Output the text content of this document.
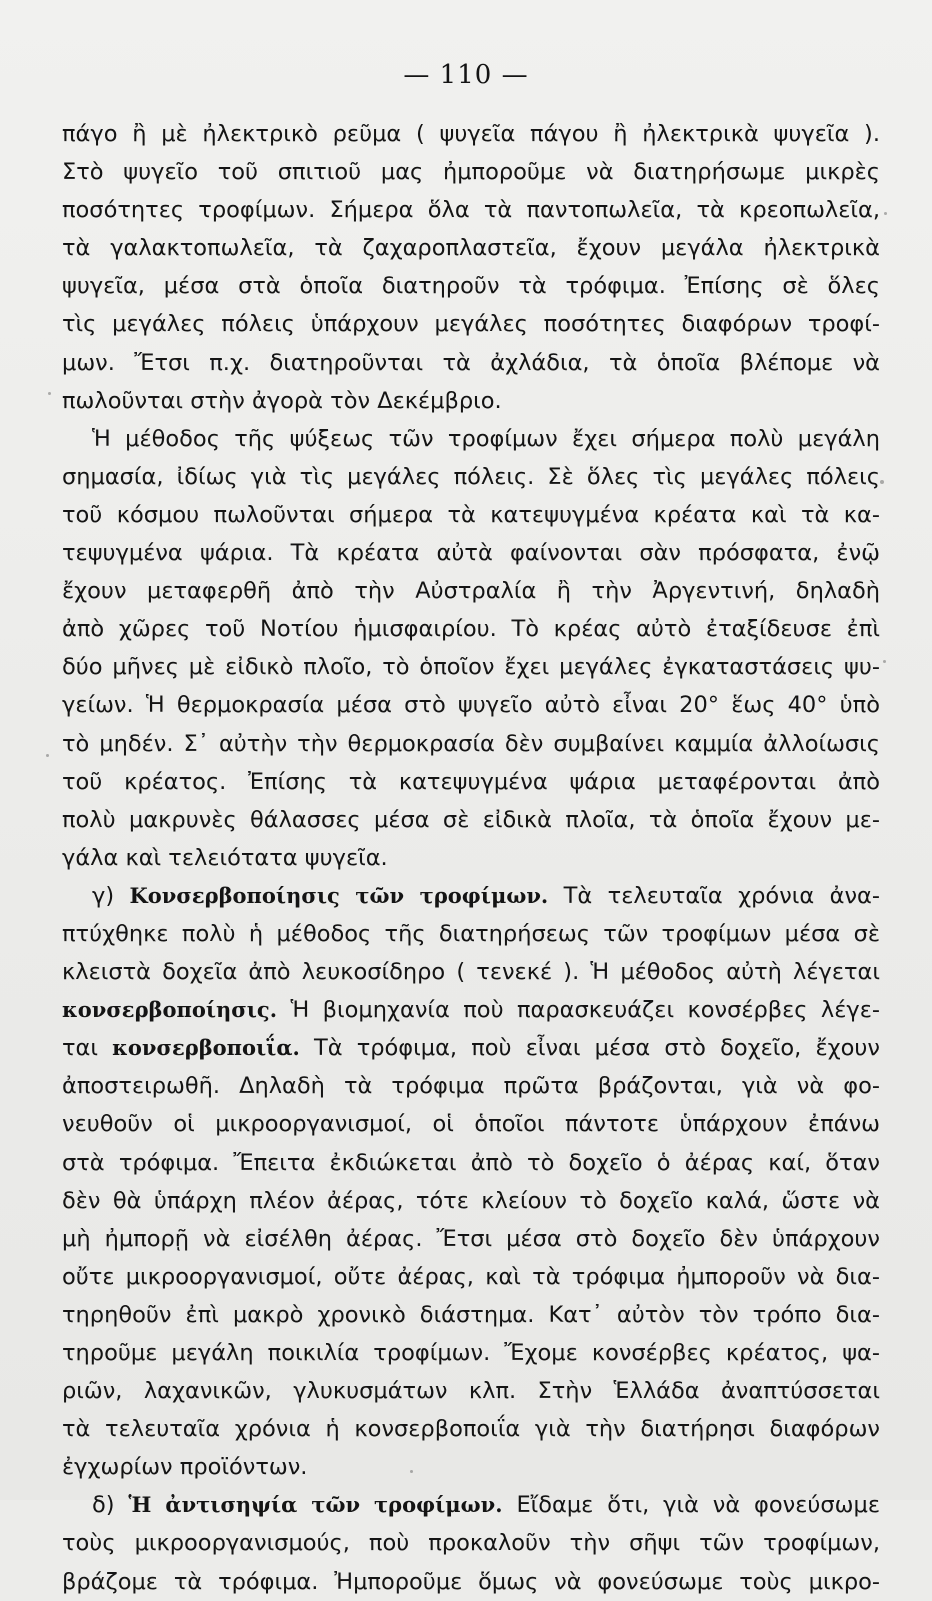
— 110 —
πάγο ἢ μὲ ἠλεκτρικὸ ρεῦμα ( ψυγεῖα πάγου ἢ ἠλεκτρικὰ ψυγεῖα ).
Στὸ ψυγεῖο τοῦ σπιτιοῦ μας ἠμποροῦμε νὰ διατηρήσωμε μικρὲς
ποσότητες τροφίμων. Σήμερα ὅλα τὰ παντοπωλεῖα, τὰ κρεοπωλεῖα,
τὰ γαλακτοπωλεῖα, τὰ ζαχαροπλαστεῖα, ἔχουν μεγάλα ἠλεκτρικὰ
ψυγεῖα, μέσα στὰ ὁποῖα διατηροῦν τὰ τρόφιμα. Ἐπίσης σὲ ὅλες
τὶς μεγάλες πόλεις ὑπάρχουν μεγάλες ποσότητες διαφόρων τροφί-
μων. Ἔτσι π.χ. διατηροῦνται τὰ ἀχλάδια, τὰ ὁποῖα βλέπομε νὰ
πωλοῦνται στὴν ἀγορὰ τὸν Δεκέμβριο.
Ἡ μέθοδος τῆς ψύξεως τῶν τροφίμων ἔχει σήμερα πολὺ μεγάλη
σημασία, ἰδίως γιὰ τὶς μεγάλες πόλεις. Σὲ ὅλες τὶς μεγάλες πόλεις
τοῦ κόσμου πωλοῦνται σήμερα τὰ κατεψυγμένα κρέατα καὶ τὰ κα-
τεψυγμένα ψάρια. Τὰ κρέατα αὐτὰ φαίνονται σὰν πρόσφατα, ἐνῷ
ἔχουν μεταφερθῆ ἀπὸ τὴν Αὐστραλία ἢ τὴν Ἀργεντινή, δηλαδὴ
ἀπὸ χῶρες τοῦ Νοτίου ἡμισφαιρίου. Τὸ κρέας αὐτὸ ἐταξίδευσε ἐπὶ
δύο μῆνες μὲ εἰδικὸ πλοῖο, τὸ ὁποῖον ἔχει μεγάλες ἐγκαταστάσεις ψυ-
γείων. Ἡ θερμοκρασία μέσα στὸ ψυγεῖο αὐτὸ εἶναι 20° ἕως 40° ὑπὸ
τὸ μηδέν. Σ᾽ αὐτὴν τὴν θερμοκρασία δὲν συμβαίνει καμμία ἀλλοίωσις
τοῦ κρέατος. Ἐπίσης τὰ κατεψυγμένα ψάρια μεταφέρονται ἀπὸ
πολὺ μακρυνὲς θάλασσες μέσα σὲ εἰδικὰ πλοῖα, τὰ ὁποῖα ἔχουν με-
γάλα καὶ τελειότατα ψυγεῖα.
γ) Κονσερβοποίησις τῶν τροφίμων. Τὰ τελευταῖα χρόνια ἀνα-
πτύχθηκε πολὺ ἡ μέθοδος τῆς διατηρήσεως τῶν τροφίμων μέσα σὲ
κλειστὰ δοχεῖα ἀπὸ λευκοσίδηρο ( τενεκέ ). Ἡ μέθοδος αὐτὴ λέγεται
κονσερβοποίησις. Ἡ βιομηχανία ποὺ παρασκευάζει κονσέρβες λέγε-
ται κονσερβοποιΐα. Τὰ τρόφιμα, ποὺ εἶναι μέσα στὸ δοχεῖο, ἔχουν
ἀποστειρωθῆ. Δηλαδὴ τὰ τρόφιμα πρῶτα βράζονται, γιὰ νὰ φο-
νευθοῦν οἱ μικροοργανισμοί, οἱ ὁποῖοι πάντοτε ὑπάρχουν ἐπάνω
στὰ τρόφιμα. Ἔπειτα ἐκδιώκεται ἀπὸ τὸ δοχεῖο ὁ ἀέρας καί, ὅταν
δὲν θὰ ὑπάρχη πλέον ἀέρας, τότε κλείουν τὸ δοχεῖο καλά, ὥστε νὰ
μὴ ἠμπορῇ νὰ εἰσέλθη ἀέρας. Ἔτσι μέσα στὸ δοχεῖο δὲν ὑπάρχουν
οὔτε μικροοργανισμοί, οὔτε ἀέρας, καὶ τὰ τρόφιμα ἠμποροῦν νὰ δια-
τηρηθοῦν ἐπὶ μακρὸ χρονικὸ διάστημα. Κατ᾽ αὐτὸν τὸν τρόπο δια-
τηροῦμε μεγάλη ποικιλία τροφίμων. Ἔχομε κονσέρβες κρέατος, ψα-
ριῶν, λαχανικῶν, γλυκυσμάτων κλπ. Στὴν Ἑλλάδα ἀναπτύσσεται
τὰ τελευταῖα χρόνια ἡ κονσερβοποιΐα γιὰ τὴν διατήρησι διαφόρων
ἐγχωρίων προϊόντων.
δ) Ἡ ἀντισηψία τῶν τροφίμων. Εἴδαμε ὅτι, γιὰ νὰ φονεύσωμε
τοὺς μικροοργανισμούς, ποὺ προκαλοῦν τὴν σῆψι τῶν τροφίμων,
βράζομε τὰ τρόφιμα. Ἠμποροῦμε ὅμως νὰ φονεύσωμε τοὺς μικρο-
